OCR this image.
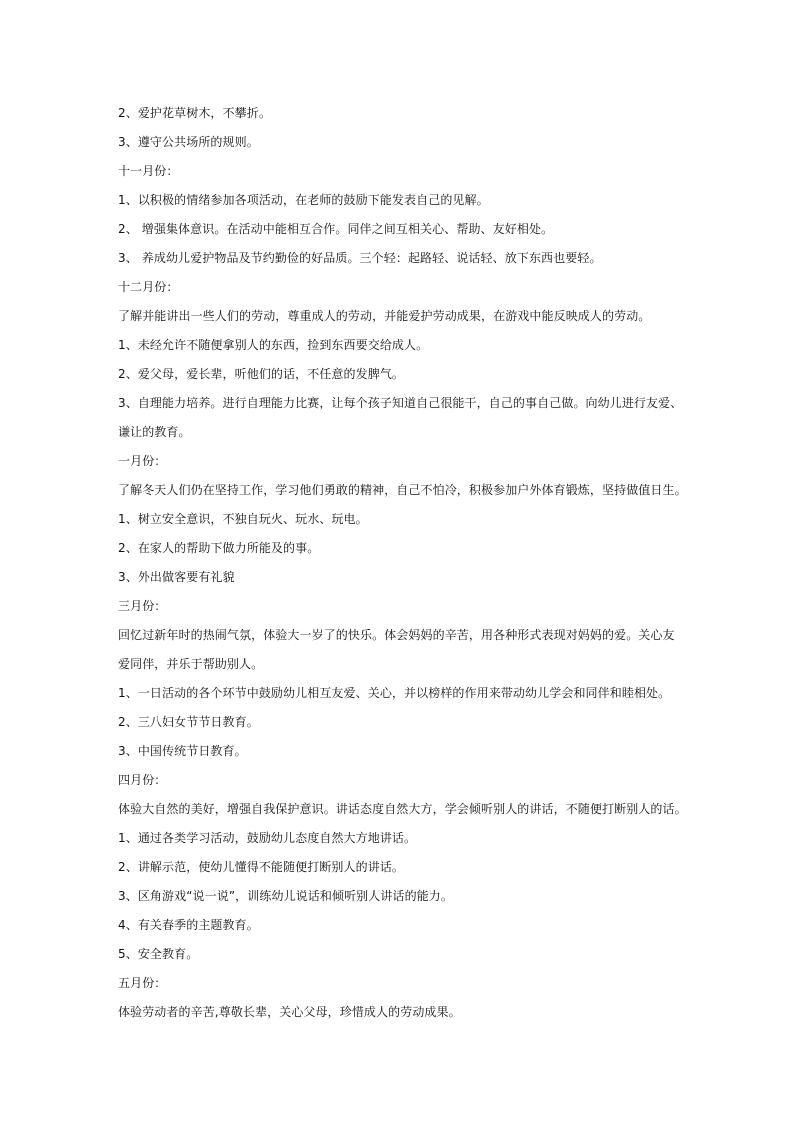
2、爱护花草树木，不攀折。
3、遵守公共场所的规则。
十一月份：
1、以积极的情绪参加各项活动，在老师的鼓励下能发表自己的见解。
2、 增强集体意识。在活动中能相互合作。同伴之间互相关心、帮助、友好相处。
3、 养成幼儿爱护物品及节约勤俭的好品质。三个轻：起路轻、说话轻、放下东西也要轻。
十二月份：
了解并能讲出一些人们的劳动，尊重成人的劳动，并能爱护劳动成果，在游戏中能反映成人的劳动。
1、未经允许不随便拿别人的东西，捡到东西要交给成人。
2、爱父母，爱长辈，听他们的话，不任意的发脾气。
3、自理能力培养。进行自理能力比赛，让每个孩子知道自己很能干，自己的事自己做。向幼儿进行友爱、
谦让的教育。
一月份：
了解冬天人们仍在坚持工作，学习他们勇敢的精神，自己不怕冷，积极参加户外体育锻炼，坚持做值日生。
1、树立安全意识，不独自玩火、玩水、玩电。
2、在家人的帮助下做力所能及的事。
3、外出做客要有礼貌
三月份：
回忆过新年时的热闹气氛，体验大一岁了的快乐。体会妈妈的辛苦，用各种形式表现对妈妈的爱。关心友
爱同伴，并乐于帮助别人。
1、一日活动的各个环节中鼓励幼儿相互友爱、关心，并以榜样的作用来带动幼儿学会和同伴和睦相处。
2、三八妇女节节日教育。
3、中国传统节日教育。
四月份：
体验大自然的美好，增强自我保护意识。讲话态度自然大方，学会倾听别人的讲话，不随便打断别人的话。
1、通过各类学习活动，鼓励幼儿态度自然大方地讲话。
2、讲解示范，使幼儿懂得不能随便打断别人的讲话。
3、区角游戏“说一说”，训练幼儿说话和倾听别人讲话的能力。
4、有关春季的主题教育。
5、安全教育。
五月份：
体验劳动者的辛苦,尊敬长辈，关心父母，珍惜成人的劳动成果。
